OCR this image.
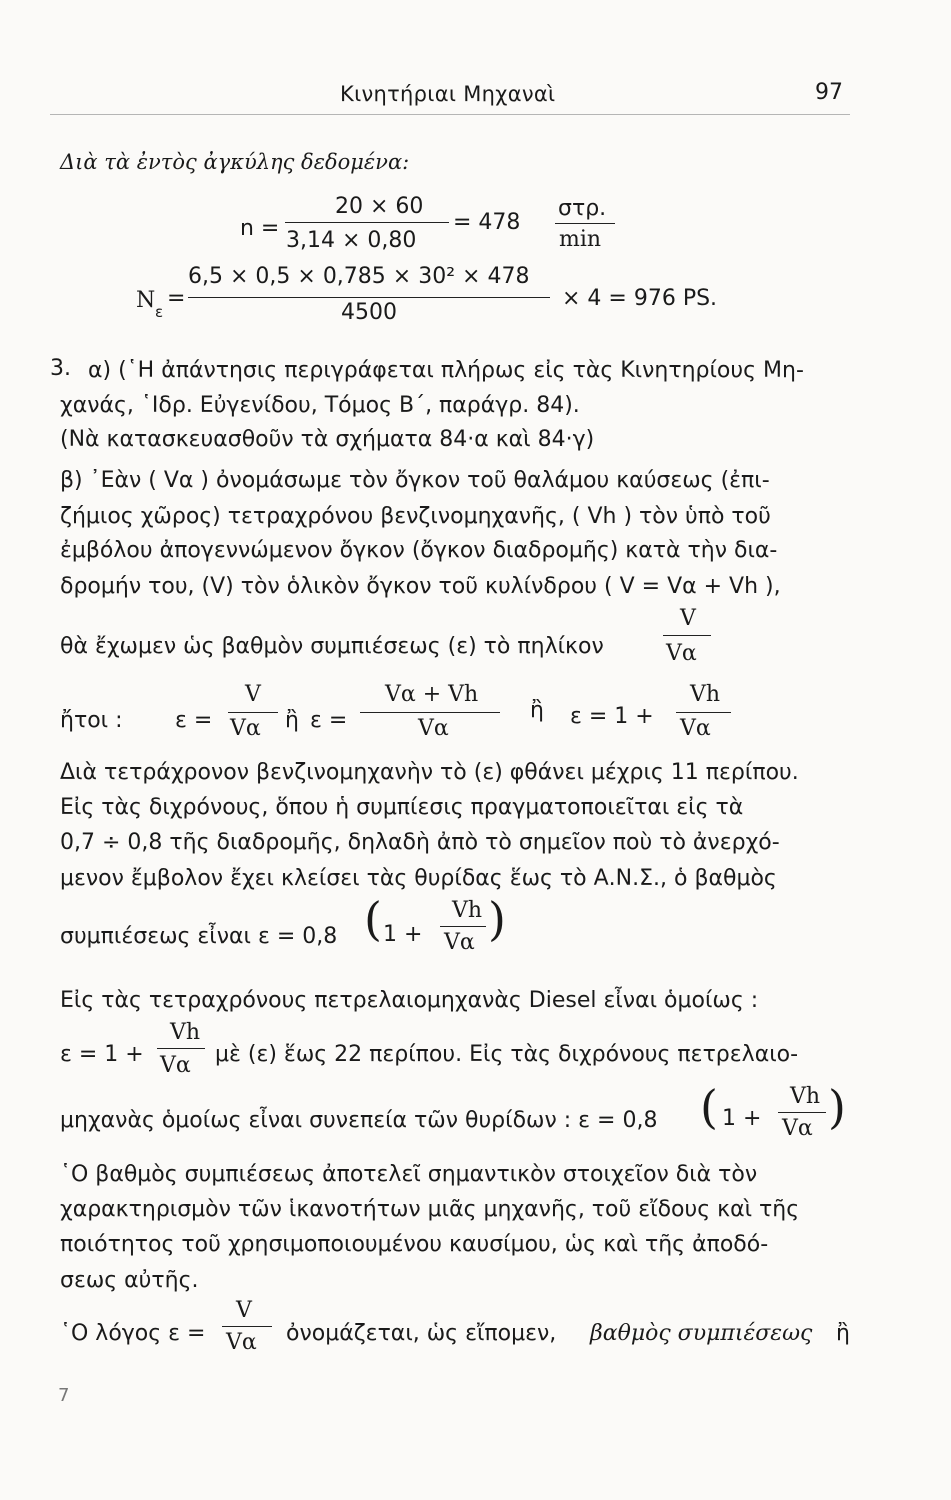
Κινητήριαι Μηχαναὶ	97
Διὰ τὰ ἐντὸς ἀγκύλης δεδομένα:
n =
20 × 60
3,14 × 0,80
= 478
στρ.
min
N ε
=
6,5 × 0,5 × 0,785 × 30² × 478
4500
× 4 = 976 PS.
3. α) (῾Η ἀπάντησις περιγράφεται πλήρως εἰς τὰς Κινητηρίους Μη-
χανάς, ῾Ιδρ. Εὐγενίδου, Τόμος Β΄, παράγρ. 84).
(Νὰ κατασκευασθοῦν τὰ σχήματα 84·α καὶ 84·γ)
β) ᾿Εὰν ( Vα ) ὀνομάσωμε τὸν ὄγκον τοῦ θαλάμου καύσεως (ἐπι-
ζήμιος χῶρος) τετραχρόνου βενζινομηχανῆς, ( Vh ) τὸν ὑπὸ τοῦ
ἐμβόλου ἀπογεννώμενον ὄγκον (ὄγκον διαδρομῆς) κατὰ τὴν δια-
δρομήν του, (V) τὸν ὁλικὸν ὄγκον τοῦ κυλίνδρου ( V = Vα + Vh ),
θὰ ἔχωμεν ὡς βαθμὸν συμπιέσεως (ε) τὸ πηλίκον
V
Vα
ἤτοι : ε =
V
Vα ἢ ε =
Vα + Vh
Vα
ἢ ε = 1 +
Vh
Vα
Διὰ τετράχρονον βενζινομηχανὴν τὸ (ε) φθάνει μέχρις 11 περίπου.
Εἰς τὰς διχρόνους, ὅπου ἡ συμπίεσις πραγματοποιεῖται εἰς τὰ
0,7 ÷ 0,8 τῆς διαδρομῆς, δηλαδὴ ἀπὸ τὸ σημεῖον ποὺ τὸ ἀνερχό-
μενον ἔμβολον ἔχει κλείσει τὰς θυρίδας ἕως τὸ Α.Ν.Σ., ὁ βαθμὸς
συμπιέσεως εἶναι ε = 0,8 ( 1 +
Vh
Vα )
Εἰς τὰς τετραχρόνους πετρελαιομηχανὰς Diesel εἶναι ὁμοίως :
ε = 1 +
Vh
Vα μὲ (ε) ἕως 22 περίπου. Εἰς τὰς διχρόνους πετρελαιο-
μηχανὰς ὁμοίως εἶναι συνεπεία τῶν θυρίδων : ε = 0,8 ( 1 +
Vh
Vα )
῾Ο βαθμὸς συμπιέσεως ἀποτελεῖ σημαντικὸν στοιχεῖον διὰ τὸν
χαρακτηρισμὸν τῶν ἱκανοτήτων μιᾶς μηχανῆς, τοῦ εἴδους καὶ τῆς
ποιότητος τοῦ χρησιμοποιουμένου καυσίμου, ὡς καὶ τῆς ἀποδό-
σεως αὐτῆς.
῾Ο λόγος ε =
V
Vα ὀνομάζεται, ὡς εἴπομεν, βαθμὸς συμπιέσεως ἢ
7
